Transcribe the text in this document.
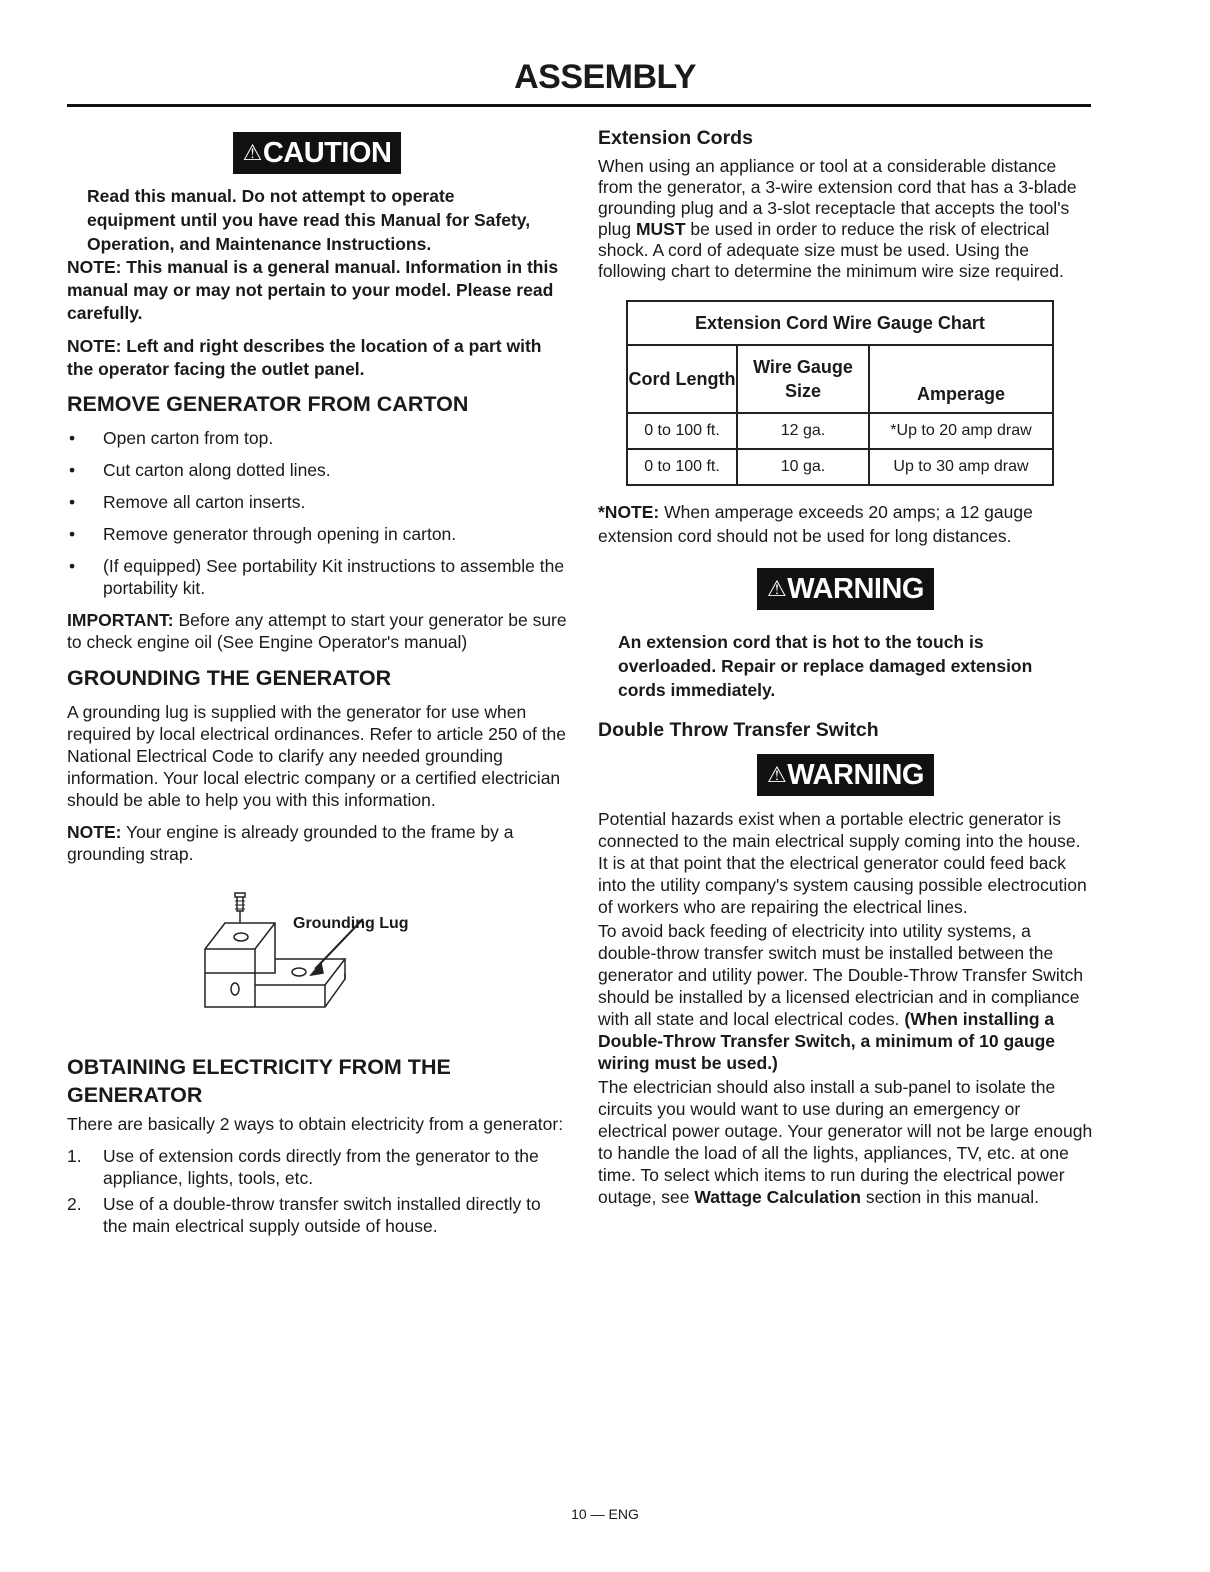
ASSEMBLY
⚠CAUTION

Read this manual. Do not attempt to operate equipment until you have read this Manual for Safety, Operation, and Maintenance Instructions.

NOTE: This manual is a general manual. Information in this manual may or may not pertain to your model. Please read carefully.

NOTE: Left and right describes the location of a part with the operator facing the outlet panel.

REMOVE GENERATOR FROM CARTON
• Open carton from top.
• Cut carton along dotted lines.
• Remove all carton inserts.
• Remove generator through opening in carton.
• (If equipped) See portability Kit instructions to assemble the portability kit.

IMPORTANT: Before any attempt to start your generator be sure to check engine oil (See Engine Operator's manual)

GROUNDING THE GENERATOR

A grounding lug is supplied with the generator for use when required by local electrical ordinances. Refer to article 250 of the National Electrical Code to clarify any needed grounding information. Your local electric company or a certified electrician should be able to help you with this information.

NOTE: Your engine is already grounded to the frame by a grounding strap.

Grounding Lug
OBTAINING ELECTRICITY FROM THE GENERATOR

There are basically 2 ways to obtain electricity from a generator:

1. Use of extension cords directly from the generator to the appliance, lights, tools, etc.
2. Use of a double-throw transfer switch installed directly to the main electrical supply outside of house.
Extension Cords

When using an appliance or tool at a considerable distance from the generator, a 3-wire extension cord that has a 3-blade grounding plug and a 3-slot receptacle that accepts the tool's plug MUST be used in order to reduce the risk of electrical shock. A cord of adequate size must be used. Using the following chart to determine the minimum wire size required.

Extension Cord Wire Gauge Chart		
Cord Length	Wire Gauge Size	Amperage
0 to 100 ft.	12 ga.	*Up to 20 amp draw
0 to 100 ft.	10 ga.	Up to 30 amp draw

*NOTE: When amperage exceeds 20 amps; a 12 gauge extension cord should not be used for long distances.

⚠WARNING

An extension cord that is hot to the touch is overloaded. Repair or replace damaged extension cords immediately.

Double Throw Transfer Switch
⚠WARNING

Potential hazards exist when a portable electric generator is connected to the main electrical supply coming into the house. It is at that point that the electrical generator could feed back into the utility company's system causing possible electrocution of workers who are repairing the electrical lines.

To avoid back feeding of electricity into utility systems, a double-throw transfer switch must be installed between the generator and utility power. The Double-Throw Transfer Switch should be installed by a licensed electrician and in compliance with all state and local electrical codes. (When installing a Double-Throw Transfer Switch, a minimum of 10 gauge wiring must be used.)

The electrician should also install a sub-panel to isolate the circuits you would want to use during an emergency or electrical power outage. Your generator will not be large enough to handle the load of all the lights, appliances, TV, etc. at one time. To select which items to run during the electrical power outage, see Wattage Calculation section in this manual.

10 — ENG
